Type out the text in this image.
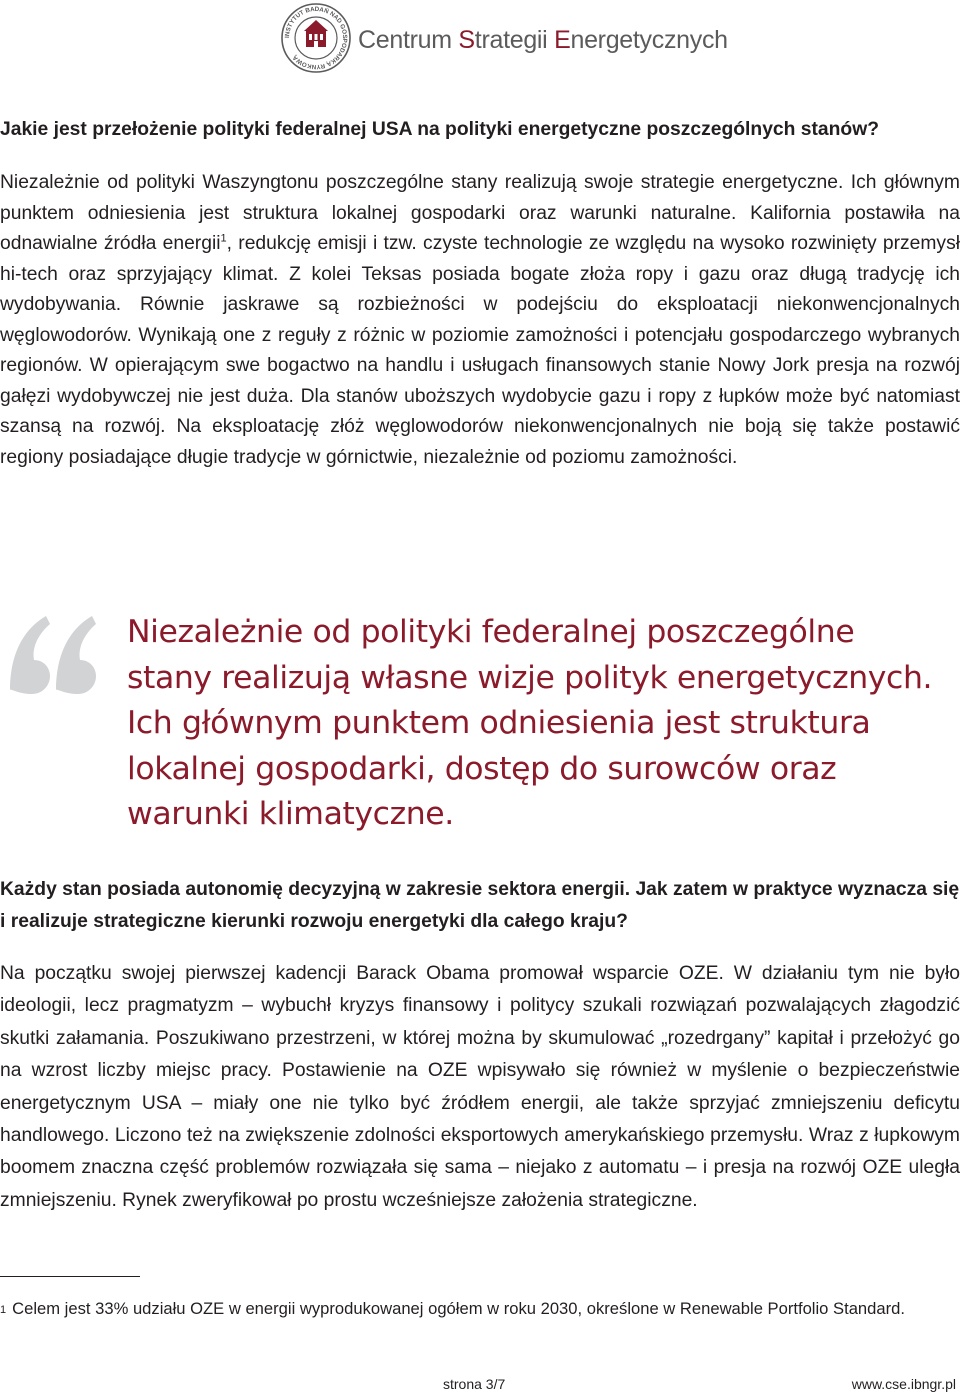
INSTYTUT BADAŃ NAD GOSPODARKĄ RYNKOWĄ
Centrum Strategii Energetycznych

Jakie jest przełożenie polityki federalnej USA na polityki energetyczne poszczególnych stanów?

Niezależnie od polityki Waszyngtonu poszczególne stany realizują swoje strategie energetyczne. Ich głównym punktem odniesienia jest struktura lokalnej gospodarki oraz warunki naturalne. Kalifornia postawiła na odnawialne źródła energii$^1$, redukcję emisji i tzw. czyste technologie ze względu na wysoko rozwinięty przemysł hi-tech oraz sprzyjający klimat. Z kolei Teksas posiada bogate złoża ropy i gazu oraz długą tradycję ich wydobywania. Równie jaskrawe są rozbieżności w podejściu do eksploatacji niekonwencjonalnych węglowodorów. Wynikają one z reguły z różnic w poziomie zamożności i potencjału gospodarczego wybranych regionów. W opierającym swe bogactwo na handlu i usługach finansowych stanie Nowy Jork presja na rozwój gałęzi wydobywczej nie jest duża. Dla stanów uboższych wydobycie gazu i ropy z łupków może być natomiast szansą na rozwój. Na eksploatację złóż węglowodorów niekonwencjonalnych nie boją się także postawić regiony posiadające długie tradycje w górnictwie, niezależnie od poziomu zamożności.

Niezależnie od polityki federalnej poszczególne stany realizują własne wizje polityk energetycznych. Ich głównym punktem odniesienia jest struktura lokalnej gospodarki, dostęp do surowców oraz warunki klimatyczne.

Każdy stan posiada autonomię decyzyjną w zakresie sektora energii. Jak zatem w praktyce wyznacza się i realizuje strategiczne kierunki rozwoju energetyki dla całego kraju?

Na początku swojej pierwszej kadencji Barack Obama promował wsparcie OZE. W działaniu tym nie było ideologii, lecz pragmatyzm – wybuchł kryzys finansowy i politycy szukali rozwiązań pozwalających złagodzić skutki załamania. Poszukiwano przestrzeni, w której można by skumulować „rozedrgany” kapitał i przełożyć go na wzrost liczby miejsc pracy. Postawienie na OZE wpisywało się również w myślenie o bezpieczeństwie energetycznym USA – miały one nie tylko być źródłem energii, ale także sprzyjać zmniejszeniu deficytu handlowego. Liczono też na zwiększenie zdolności eksportowych amerykańskiego przemysłu. Wraz z łupkowym boomem znaczna część problemów rozwiązała się sama – niejako z automatu – i presja na rozwój OZE uległa zmniejszeniu. Rynek zweryfikował po prostu wcześniejsze założenia strategiczne.

$^1$ Celem jest 33% udziału OZE w energii wyprodukowanej ogółem w roku 2030, określone w Renewable Portfolio Standard.

strona 3/7	www.cse.ibngr.pl
